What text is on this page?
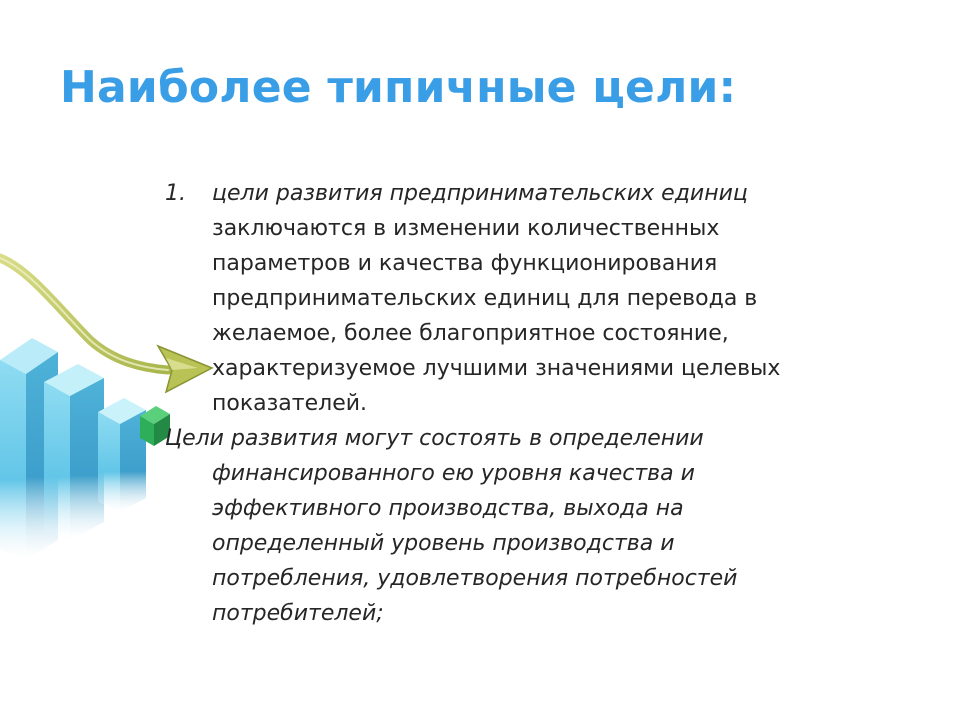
Наиболее типичные цели:
1. цели развития предпринимательских единиц
заключаются в изменении количественных
параметров и качества функционирования
предпринимательских единиц для перевода в
желаемое, более благоприятное состояние,
характеризуемое лучшими значениями целевых
показателей.
Цели развития могут состоять в определении
финансированного ею уровня качества и
эффективного производства, выхода на
определенный уровень производства и
потребления, удовлетворения потребностей
потребителей;
